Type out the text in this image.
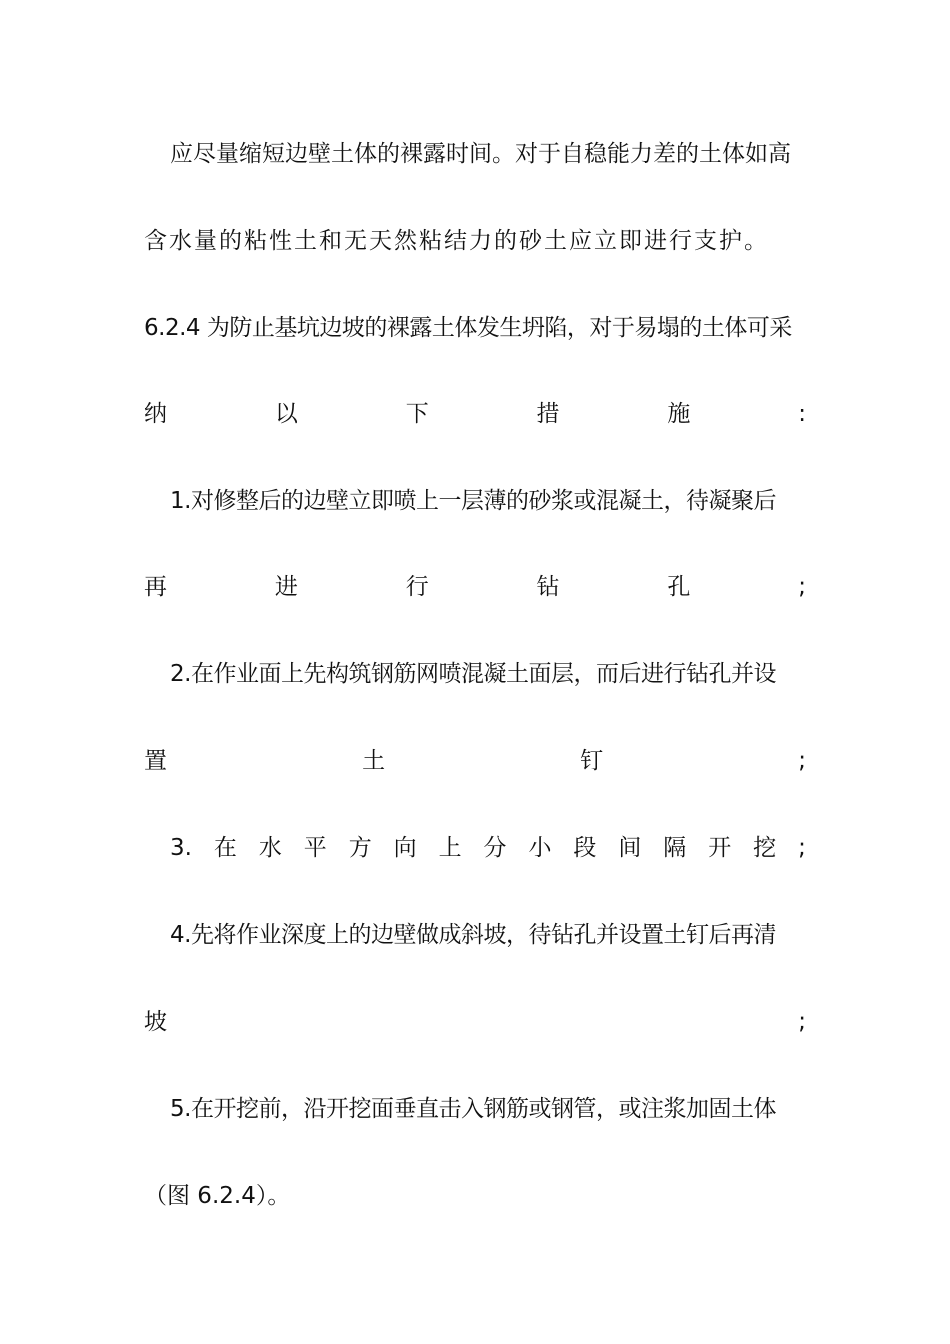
应尽量缩短边壁土体的裸露时间。对于自稳能力差的土体如高
含水量的粘性土和无天然粘结力的砂土应立即进行支护。
6.2.4 为防止基坑边坡的裸露土体发生坍陷，对于易塌的土体可采
纳	以	下	措	施	:
1.对修整后的边壁立即喷上一层薄的砂浆或混凝土，待凝聚后
再	进	行	钻	孔	;
2.在作业面上先构筑钢筋网喷混凝土面层，而后进行钻孔并设
置	土	钉	;
3. 在 水 平 方 向 上 分 小 段 间 隔 开 挖 ;
4.先将作业深度上的边壁做成斜坡，待钻孔并设置土钉后再清
坡	;
5.在开挖前，沿开挖面垂直击入钢筋或钢管，或注浆加固土体
（图 6.2.4）。
